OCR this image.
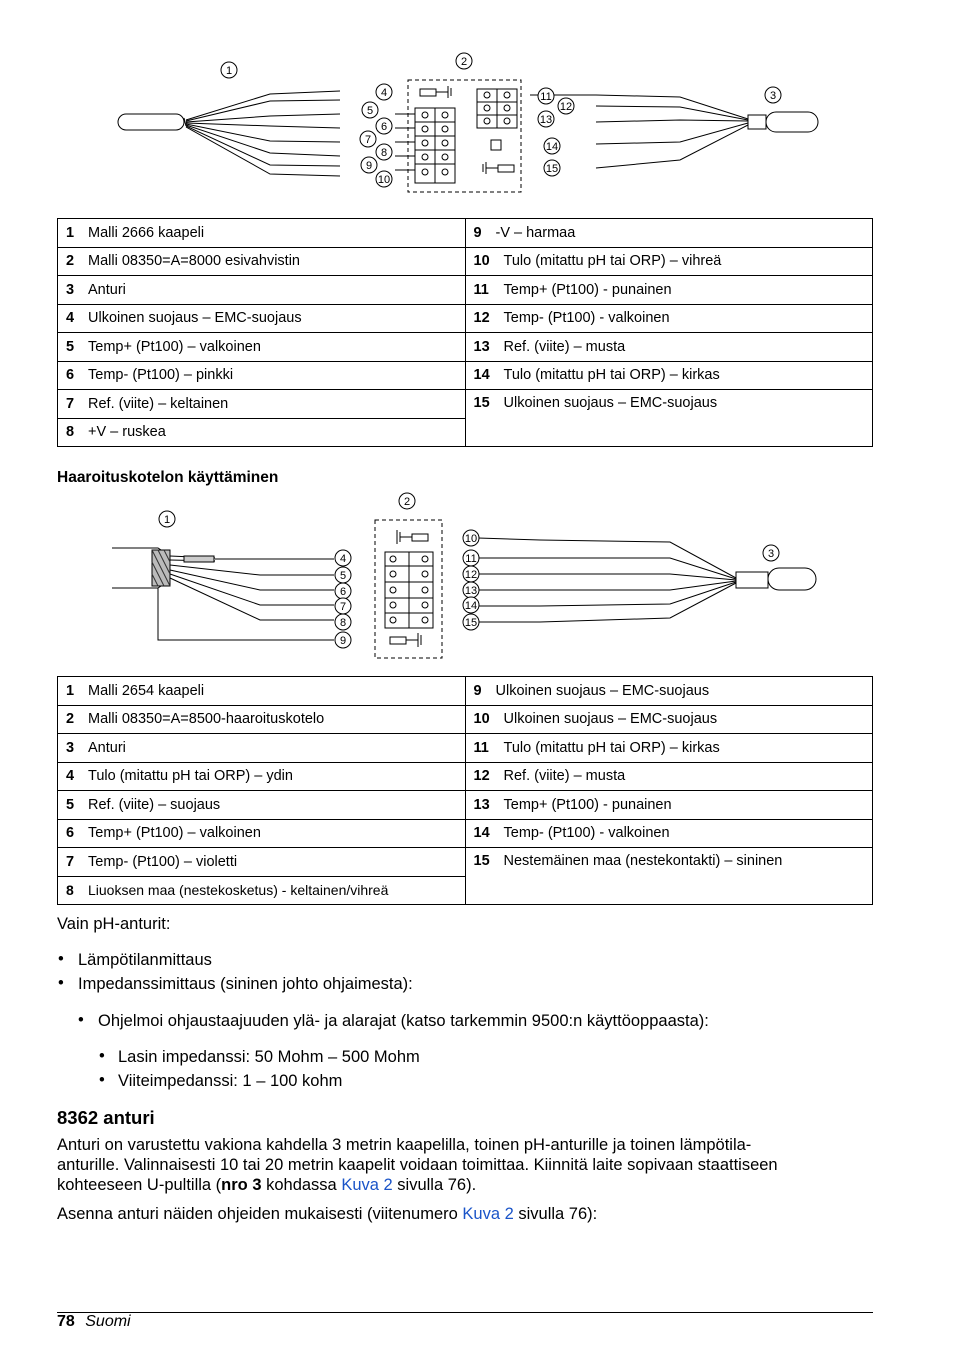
1
2
3
4
5
6
7
8
9
10
11
12
13
14
15
1 Malli 2666 kaapeli	9 -V – harmaa
2 Malli 08350=A=8000 esivahvistin	10 Tulo (mitattu pH tai ORP) – vihreä
3 Anturi	11 Temp+ (Pt100) - punainen
4 Ulkoinen suojaus – EMC-suojaus	12 Temp- (Pt100) - valkoinen
5 Temp+ (Pt100) – valkoinen	13 Ref. (viite) – musta
6 Temp- (Pt100) – pinkki	14 Tulo (mitattu pH tai ORP) – kirkas
7 Ref. (viite) – keltainen	15 Ulkoinen suojaus – EMC-suojaus
8 +V – ruskea	
Haaroituskotelon käyttäminen
1
2
3
4
5
6
7
8
9
10
11
12
13
14
15
1 Malli 2654 kaapeli	9 Ulkoinen suojaus – EMC-suojaus
2 Malli 08350=A=8500-haaroituskotelo	10 Ulkoinen suojaus – EMC-suojaus
3 Anturi	11 Tulo (mitattu pH tai ORP) – kirkas
4 Tulo (mitattu pH tai ORP) – ydin	12 Ref. (viite) – musta
5 Ref. (viite) – suojaus	13 Temp+ (Pt100) - punainen
6 Temp+ (Pt100) – valkoinen	14 Temp- (Pt100) - valkoinen
7 Temp- (Pt100) – violetti	15 Nestemäinen maa (nestekontakti) – sininen
8 Liuoksen maa (nestekosketus) - keltainen/vihreä	
Vain pH-anturit:
• Lämpötilanmittaus
• Impedanssimittaus (sininen johto ohjaimesta):
• Ohjelmoi ohjaustaajuuden ylä- ja alarajat (katso tarkemmin 9500:n käyttöoppaasta):
• Lasin impedanssi: 50 Mohm – 500 Mohm
• Viiteimpedanssi: 1 – 100 kohm
8362 anturi
Anturi on varustettu vakiona kahdella 3 metrin kaapelilla, toinen pH-anturille ja toinen lämpötila-
anturille. Valinnaisesti 10 tai 20 metrin kaapelit voidaan toimittaa. Kiinnitä laite sopivaan staattiseen
kohteeseen U-pultilla (nro 3 kohdassa Kuva 2 sivulla 76).
Asenna anturi näiden ohjeiden mukaisesti (viitenumero Kuva 2 sivulla 76):
78 Suomi
